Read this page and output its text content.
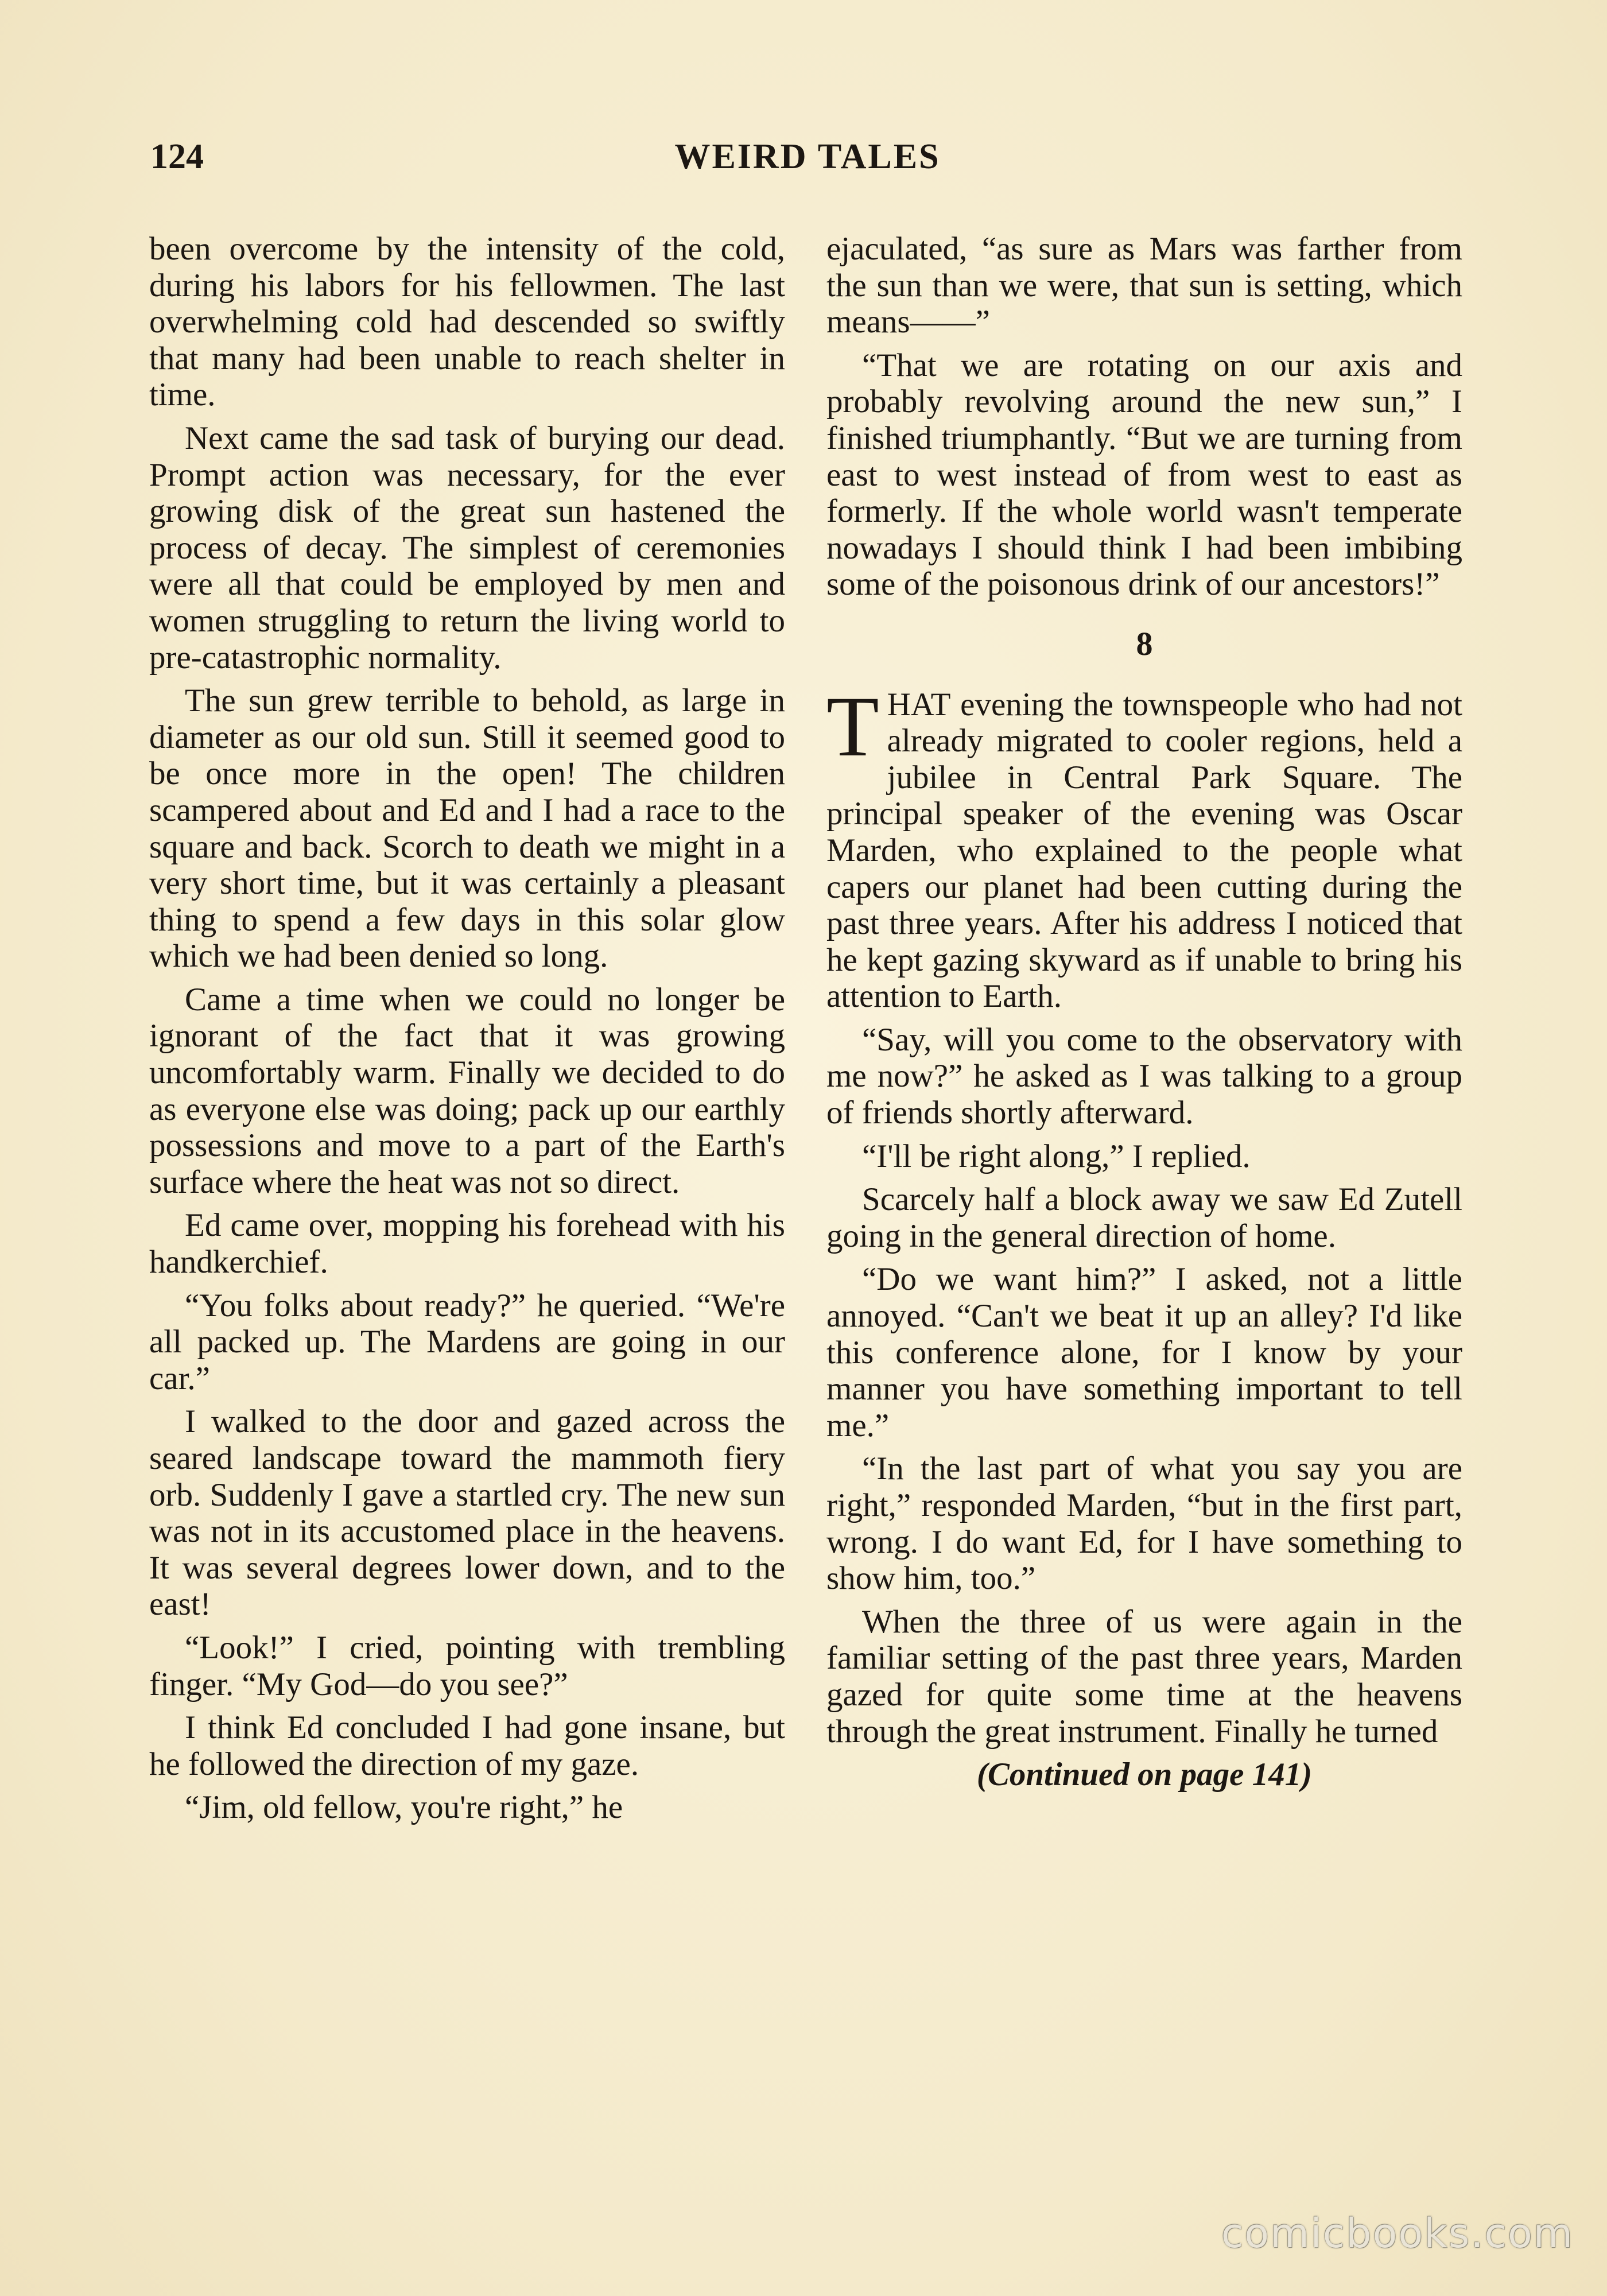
124	WEIRD TALES

been overcome by the intensity of the cold, during his labors for his fellowmen. The last overwhelming cold had descended so swiftly that many had been unable to reach shelter in time.

Next came the sad task of burying our dead. Prompt action was necessary, for the ever growing disk of the great sun hastened the process of decay. The simplest of ceremonies were all that could be employed by men and women struggling to return the living world to pre-catastrophic normality.

The sun grew terrible to behold, as large in diameter as our old sun. Still it seemed good to be once more in the open! The children scampered about and Ed and I had a race to the square and back. Scorch to death we might in a very short time, but it was certainly a pleasant thing to spend a few days in this solar glow which we had been denied so long.

Came a time when we could no longer be ignorant of the fact that it was growing uncomfortably warm. Finally we decided to do as everyone else was doing; pack up our earthly possessions and move to a part of the Earth's surface where the heat was not so direct.

Ed came over, mopping his forehead with his handkerchief.

“You folks about ready?” he queried. “We're all packed up. The Mardens are going in our car.”

I walked to the door and gazed across the seared landscape toward the mammoth fiery orb. Suddenly I gave a startled cry. The new sun was not in its accustomed place in the heavens. It was several degrees lower down, and to the east!

“Look!” I cried, pointing with trembling finger. “My God—do you see?”

I think Ed concluded I had gone insane, but he followed the direction of my gaze.

“Jim, old fellow, you're right,” he

ejaculated, “as sure as Mars was farther from the sun than we were, that sun is setting, which means——”

“That we are rotating on our axis and probably revolving around the new sun,” I finished triumphantly. “But we are turning from east to west instead of from west to east as formerly. If the whole world wasn't temperate nowadays I should think I had been imbibing some of the poisonous drink of our ancestors!”

8

THAT evening the townspeople who had not already migrated to cooler regions, held a jubilee in Central Park Square. The principal speaker of the evening was Oscar Marden, who explained to the people what capers our planet had been cutting during the past three years. After his address I noticed that he kept gazing skyward as if unable to bring his attention to Earth.

“Say, will you come to the observatory with me now?” he asked as I was talking to a group of friends shortly afterward.

“I'll be right along,” I replied.

Scarcely half a block away we saw Ed Zutell going in the general direction of home.

“Do we want him?” I asked, not a little annoyed. “Can't we beat it up an alley? I'd like this conference alone, for I know by your manner you have something important to tell me.”

“In the last part of what you say you are right,” responded Marden, “but in the first part, wrong. I do want Ed, for I have something to show him, too.”

When the three of us were again in the familiar setting of the past three years, Marden gazed for quite some time at the heavens through the great instrument. Finally he turned

(Continued on page 141)
comicbooks.com
